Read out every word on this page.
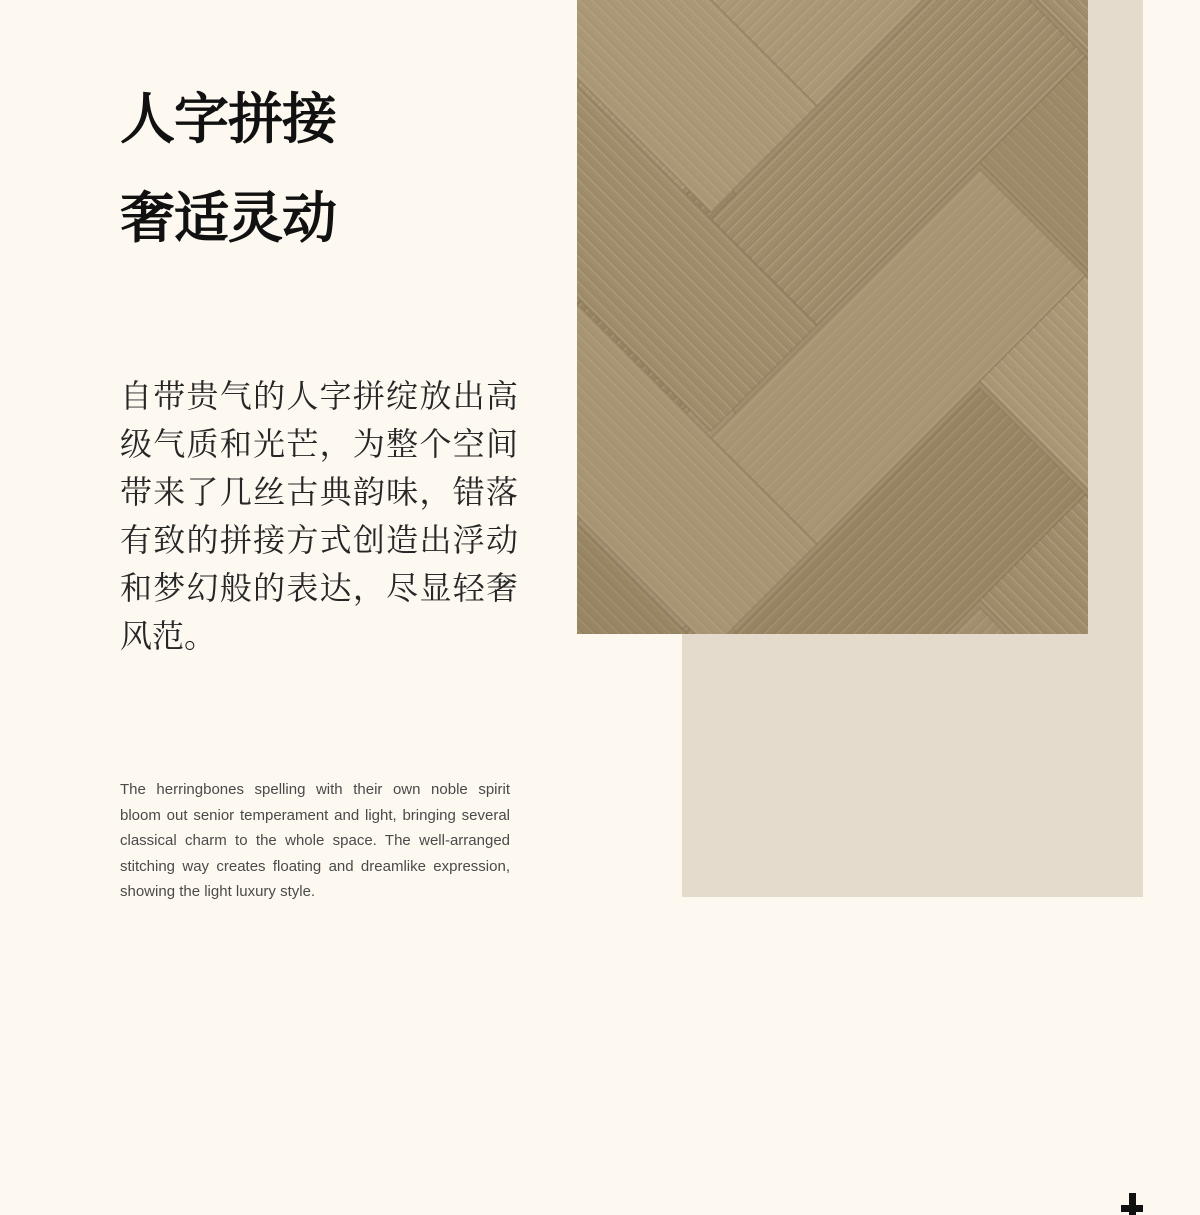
人字拼接
奢适灵动

自带贵气的人字拼绽放出高级气质和光芒，为整个空间带来了几丝古典韵味，错落有致的拼接方式创造出浮动和梦幻般的表达，尽显轻奢风范。

The herringbones spelling with their own noble spirit bloom out senior temperament and light, bringing several classical charm to the whole space. The well-arranged stitching way creates floating and dreamlike expression, showing the light luxury style.
